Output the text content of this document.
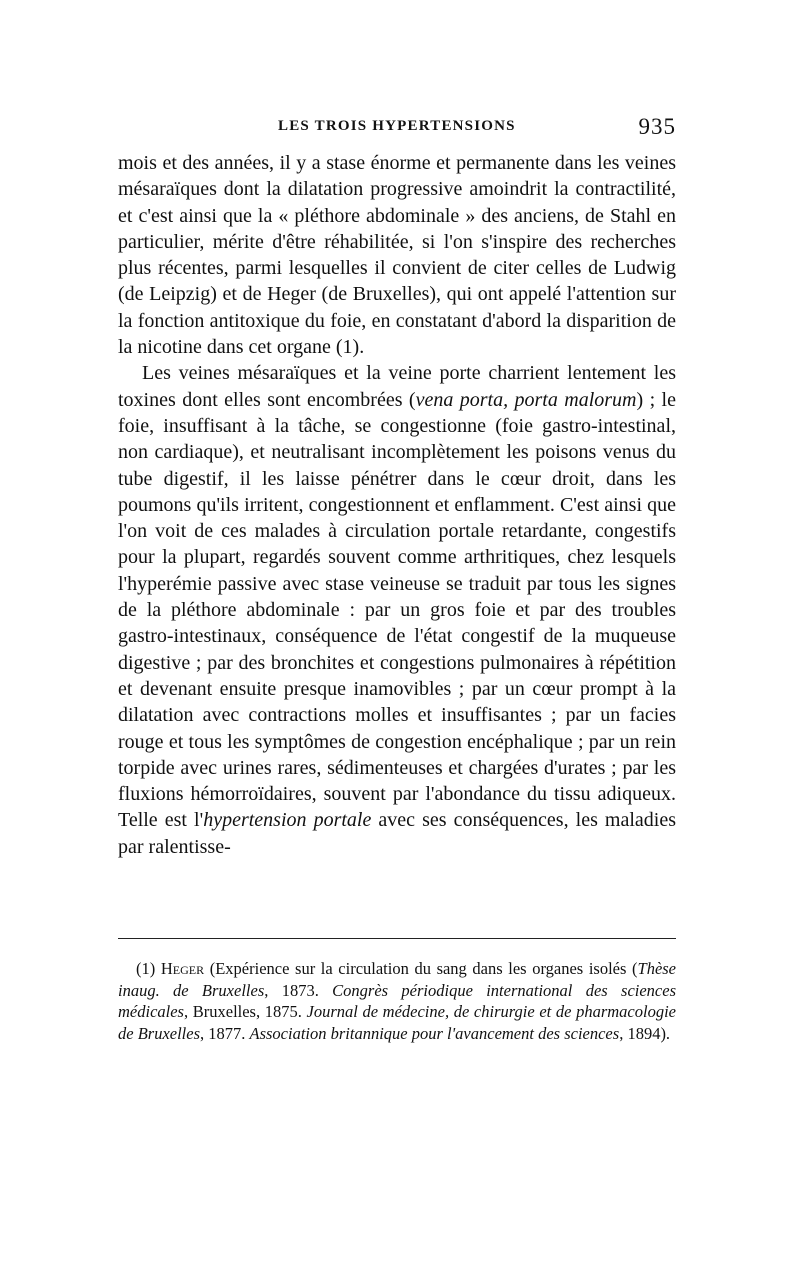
LES TROIS HYPERTENSIONS	935

mois et des années, il y a stase énorme et permanente dans les veines mésaraïques dont la dilatation progressive amoindrit la contractilité, et c'est ainsi que la « pléthore abdominale » des anciens, de Stahl en particulier, mérite d'être réhabilitée, si l'on s'inspire des recherches plus récentes, parmi lesquelles il convient de citer celles de Ludwig (de Leipzig) et de Heger (de Bruxelles), qui ont appelé l'attention sur la fonction antitoxique du foie, en constatant d'abord la disparition de la nicotine dans cet organe (1).

Les veines mésaraïques et la veine porte charrient lentement les toxines dont elles sont encombrées (vena porta, porta malorum) ; le foie, insuffisant à la tâche, se congestionne (foie gastro-intestinal, non cardiaque), et neutralisant incomplètement les poisons venus du tube digestif, il les laisse pénétrer dans le cœur droit, dans les poumons qu'ils irritent, congestionnent et enflamment. C'est ainsi que l'on voit de ces malades à circulation portale retardante, congestifs pour la plupart, regardés souvent comme arthritiques, chez lesquels l'hyperémie passive avec stase veineuse se traduit par tous les signes de la pléthore abdominale : par un gros foie et par des troubles gastro-intestinaux, conséquence de l'état congestif de la muqueuse digestive ; par des bronchites et congestions pulmonaires à répétition et devenant ensuite presque inamovibles ; par un cœur prompt à la dilatation avec contractions molles et insuffisantes ; par un facies rouge et tous les symptômes de congestion encéphalique ; par un rein torpide avec urines rares, sédimenteuses et chargées d'urates ; par les fluxions hémorroïdaires, souvent par l'abondance du tissu adiqueux. Telle est l'hypertension portale avec ses conséquences, les maladies par ralentisse-

(1) Heger (Expérience sur la circulation du sang dans les organes isolés (Thèse inaug. de Bruxelles, 1873. Congrès périodique international des sciences médicales, Bruxelles, 1875. Journal de médecine, de chirurgie et de pharmacologie de Bruxelles, 1877. Association britannique pour l'avancement des sciences, 1894).
